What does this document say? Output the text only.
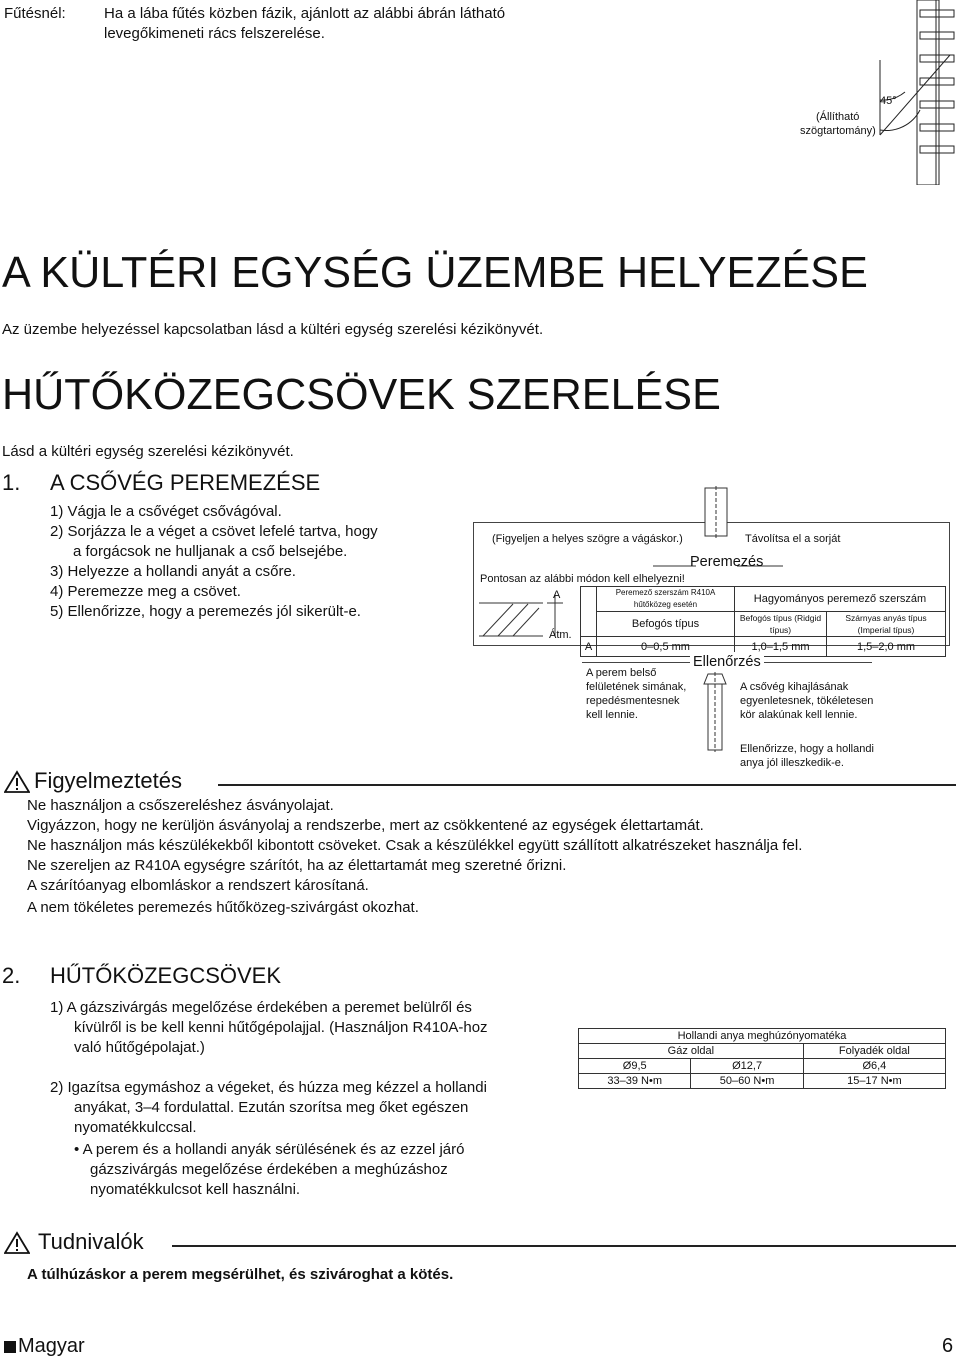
Fűtésnél:	Ha a lába fűtés közben fázik, ajánlott az alábbi ábrán látható
levegőkimeneti rács felszerelése.
45°
(Állítható
szögtartomány)
A KÜLTÉRI EGYSÉG ÜZEMBE HELYEZÉSE
Az üzembe helyezéssel kapcsolatban lásd a kültéri egység szerelési kézikönyvét.
HŰTŐKÖZEGCSÖVEK SZERELÉSE
Lásd a kültéri egység szerelési kézikönyvét.
1. A CSŐVÉG PEREMEZÉSE
1) Vágja le a csővéget csővágóval.
2) Sorjázza le a véget a csövet lefelé tartva, hogy
a forgácsok ne hulljanak a cső belsejébe.
3) Helyezze a hollandi anyát a csőre.
4) Peremezze meg a csövet.
5) Ellenőrizze, hogy a peremezés jól sikerült-e.
(Figyeljen a helyes szögre a vágáskor.)	Távolítsa el a sorját
Peremezés
Pontosan az alábbi módon kell elhelyezni!
A
Átm.
	Peremező szerszám R410A hűtőközeg esetén	Hagyományos peremező szerszám	
	Befogós típus	Befogós típus (Ridgid típus)	Szárnyas anyás típus (Imperial típus)
A	0–0,5 mm	1,0–1,5 mm	1,5–2,0 mm
Ellenőrzés
A perem belső
felületének simának,
repedésmentesnek
kell lennie.
A csővég kihajlásának
egyenletesnek, tökéletesen
kör alakúnak kell lennie.
Ellenőrizze, hogy a hollandi
anya jól illeszkedik-e.
Figyelmeztetés
Ne használjon a csőszereléshez ásványolajat.
Vigyázzon, hogy ne kerüljön ásványolaj a rendszerbe, mert az csökkentené az egységek élettartamát.
Ne használjon más készülékekből kibontott csöveket. Csak a készülékkel együtt szállított alkatrészeket használja fel.
Ne szereljen az R410A egységre szárítót, ha az élettartamát meg szeretné őrizni.
A szárítóanyag elbomláskor a rendszert károsítaná.
A nem tökéletes peremezés hűtőközeg-szivárgást okozhat.
2. HŰTŐKÖZEGCSÖVEK
1) A gázszivárgás megelőzése érdekében a peremet belülről és
kívülről is be kell kenni hűtőgépolajjal. (Használjon R410A-hoz
való hűtőgépolajat.)
2) Igazítsa egymáshoz a végeket, és húzza meg kézzel a hollandi
anyákat, 3–4 fordulattal. Ezután szorítsa meg őket egészen
nyomatékkulccsal.
• A perem és a hollandi anyák sérülésének és az ezzel járó
gázszivárgás megelőzése érdekében a meghúzáshoz
nyomatékkulcsot kell használni.
Hollandi anya meghúzónyomatéka		
Gáz oldal		Folyadék oldal
Ø9,5	Ø12,7	Ø6,4
33–39 N•m	50–60 N•m	15–17 N•m
Tudnivalók
A túlhúzáskor a perem megsérülhet, és szivároghat a kötés.
Magyar	6
